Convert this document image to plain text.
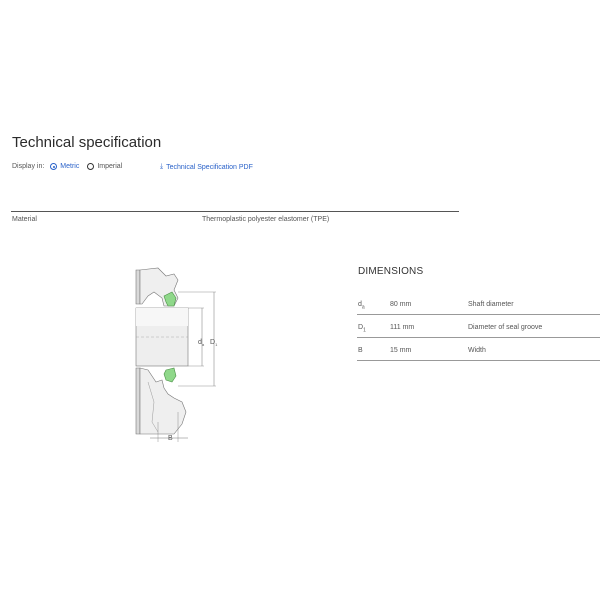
Technical specification
Display in: Metric	Imperial	⤓ Technical Specification PDF
Material	Thermoplastic polyester elastomer (TPE)
$d_a$ $D_1$
B
DIMENSIONS
$d_a$	80 mm	Shaft diameter
$D_1$	111 mm	Diameter of seal groove
B	15 mm	Width
